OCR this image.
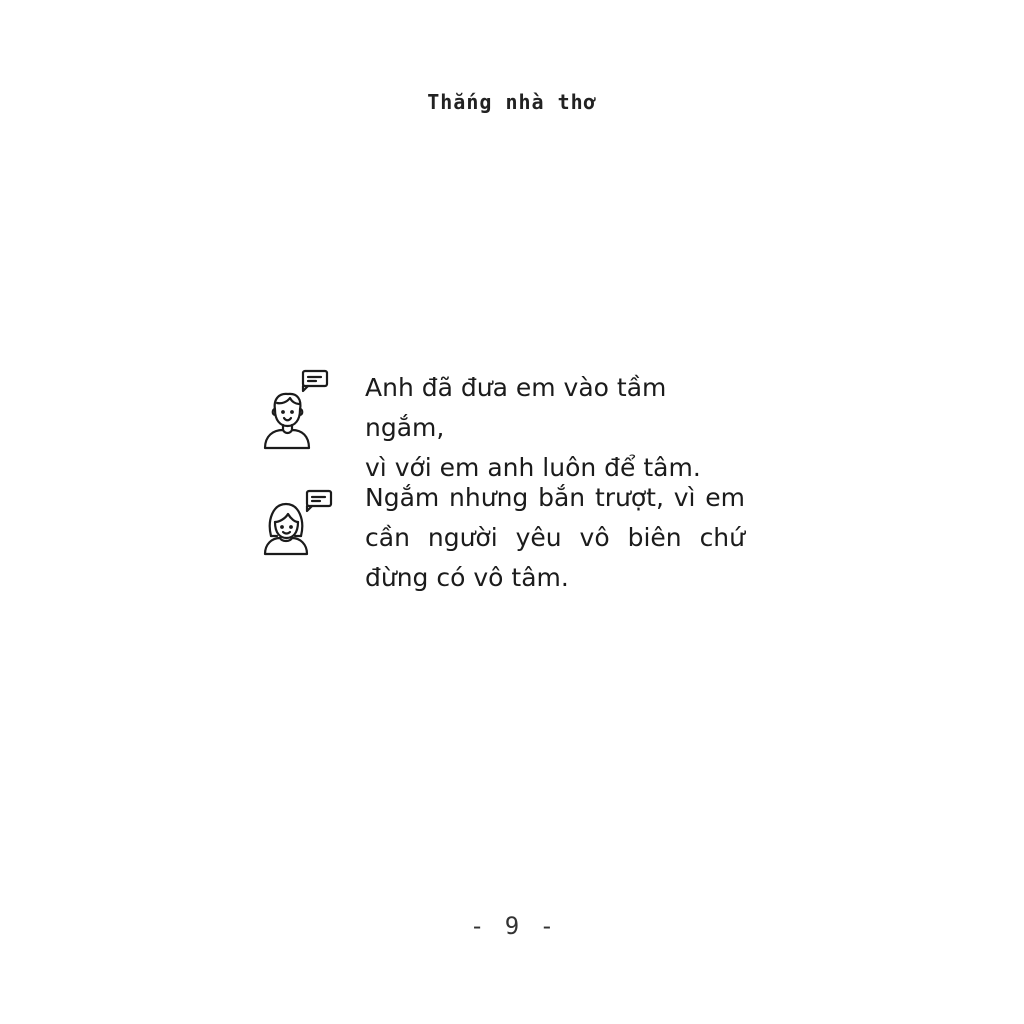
Thắng nhà thơ
Anh đã đưa em vào tầm ngắm,
vì với em anh luôn để tâm.
Ngắm nhưng bắn trượt, vì em
cần người yêu vô biên chứ
đừng có vô tâm.
- 9 -
